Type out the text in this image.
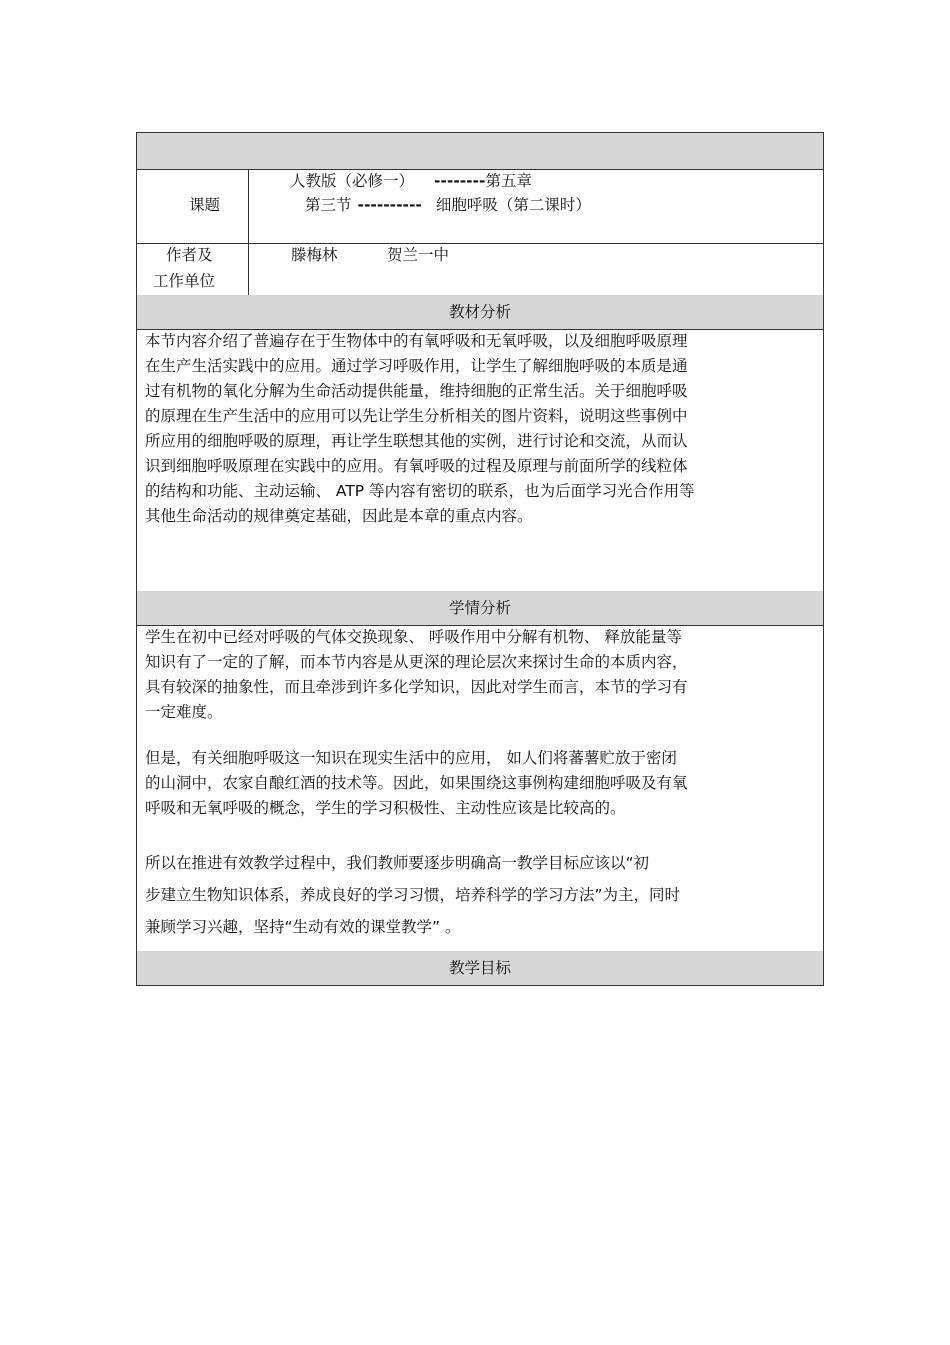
课题
人教版（必修一） --------第五章
第三节 ---------- 细胞呼吸（第二课时）
作者及
工作单位
滕梅林	贺兰一中
教材分析
本节内容介绍了普遍存在于生物体中的有氧呼吸和无氧呼吸，以及细胞呼吸原理
在生产生活实践中的应用。通过学习呼吸作用，让学生了解细胞呼吸的本质是通
过有机物的氧化分解为生命活动提供能量，维持细胞的正常生活。关于细胞呼吸
的原理在生产生活中的应用可以先让学生分析相关的图片资料，说明这些事例中
所应用的细胞呼吸的原理，再让学生联想其他的实例，进行讨论和交流，从而认
识到细胞呼吸原理在实践中的应用。有氧呼吸的过程及原理与前面所学的线粒体
的结构和功能、主动运输、 ATP 等内容有密切的联系，也为后面学习光合作用等
其他生命活动的规律奠定基础，因此是本章的重点内容。
学情分析
学生在初中已经对呼吸的气体交换现象、 呼吸作用中分解有机物、 释放能量等
知识有了一定的了解，而本节内容是从更深的理论层次来探讨生命的本质内容，
具有较深的抽象性，而且牵涉到许多化学知识，因此对学生而言，本节的学习有
一定难度。
但是，有关细胞呼吸这一知识在现实生活中的应用， 如人们将蕃薯贮放于密闭
的山洞中，农家自酿红酒的技术等。因此，如果围绕这事例构建细胞呼吸及有氧
呼吸和无氧呼吸的概念，学生的学习积极性、主动性应该是比较高的。
所以在推进有效教学过程中，我们教师要逐步明确高一教学目标应该以“初
步建立生物知识体系，养成良好的学习习惯，培养科学的学习方法”为主，同时
兼顾学习兴趣，坚持“生动有效的课堂教学” 。
教学目标
